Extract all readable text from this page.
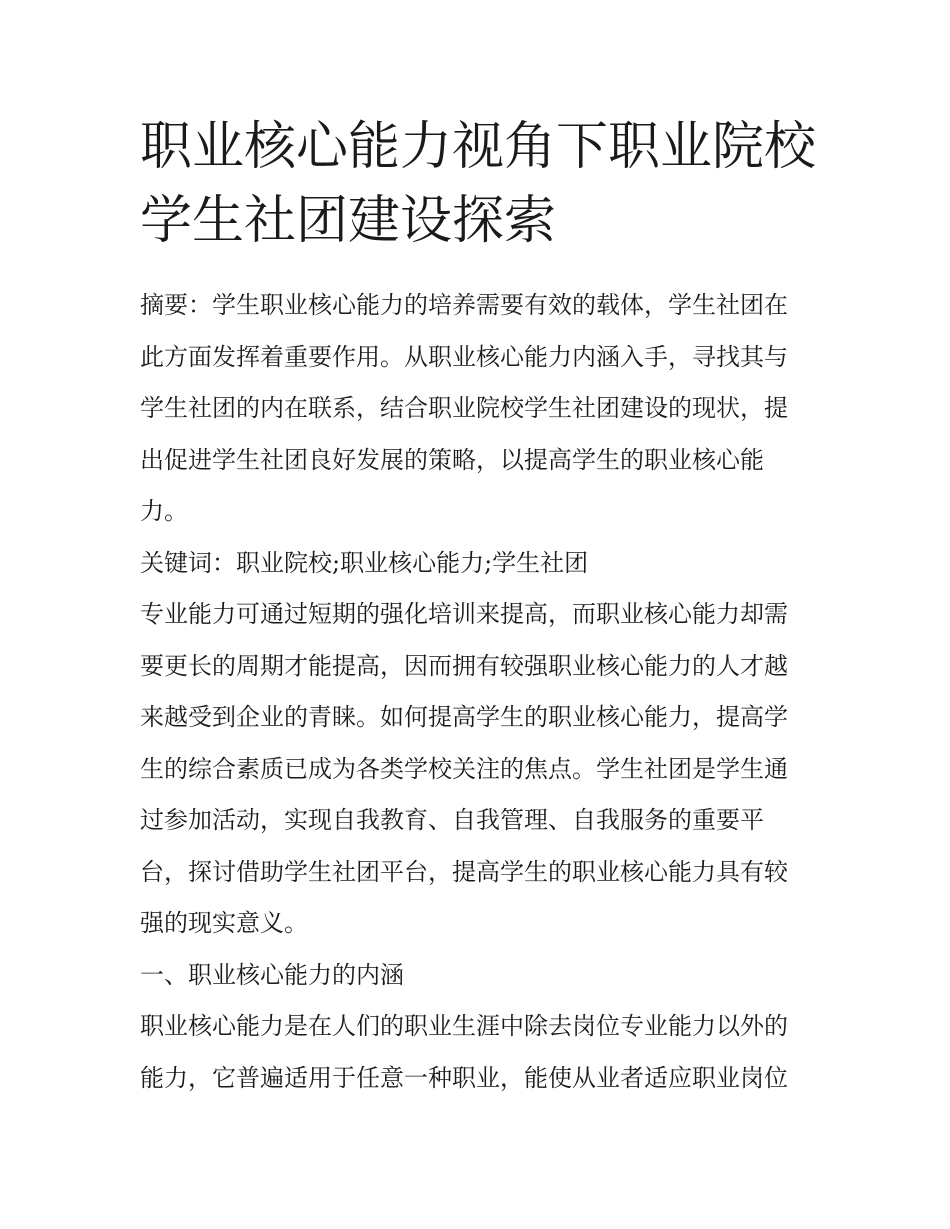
职业核心能力视角下职业院校
学生社团建设探索

摘要：学生职业核心能力的培养需要有效的载体，学生社团在
此方面发挥着重要作用。从职业核心能力内涵入手，寻找其与
学生社团的内在联系，结合职业院校学生社团建设的现状，提
出促进学生社团良好发展的策略，以提高学生的职业核心能
力。

关键词：职业院校;职业核心能力;学生社团

专业能力可通过短期的强化培训来提高，而职业核心能力却需
要更长的周期才能提高，因而拥有较强职业核心能力的人才越
来越受到企业的青睐。如何提高学生的职业核心能力，提高学
生的综合素质已成为各类学校关注的焦点。学生社团是学生通
过参加活动，实现自我教育、自我管理、自我服务的重要平
台，探讨借助学生社团平台，提高学生的职业核心能力具有较
强的现实意义。

一、职业核心能力的内涵

职业核心能力是在人们的职业生涯中除去岗位专业能力以外的
能力，它普遍适用于任意一种职业，能使从业者适应职业岗位
